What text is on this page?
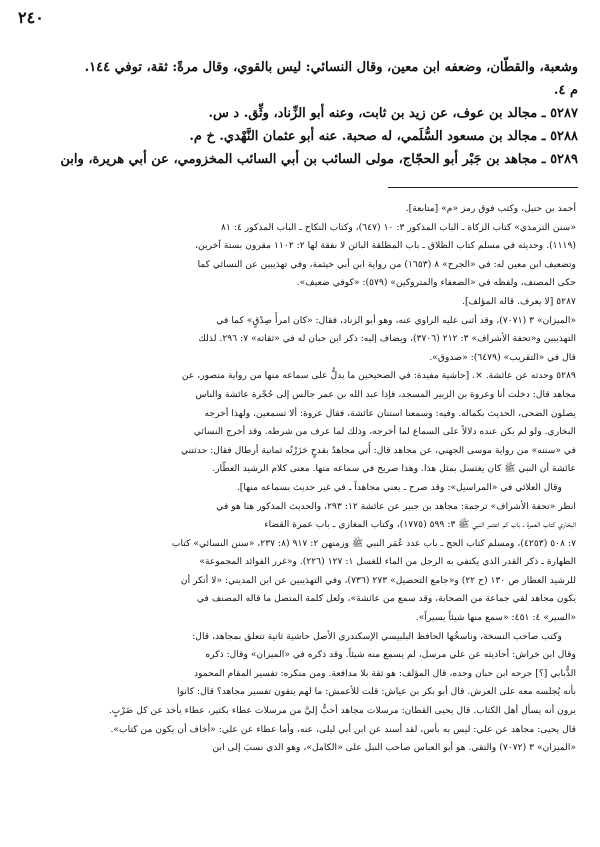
٢٤٠

وشعبة، والقطّان، وضعفه ابن معين، وقال النسائي: ليس بالقوي، وقال مرةً: ثقة، توفي ١٤٤.

م ٤.

٥٢٨٧ ـ مجالد بن عوف، عن زيد بن ثابت، وعنه أبو الزِّناد، وثِّق. د س.

٥٢٨٨ ـ مجالد بن مسعود السُّلَمي، له صحبة. عنه أبو عثمان النَّهْدي. خ م.

٥٢٨٩ ـ مجاهد بن جَبْر أبو الحجّاج، مولى السائب بن أبي السائب المخزومي، عن أبي هريرة، وابن

أحمد بن حنبل، وكتب فوق رمز «م» [متابعة].

«سنن الترمذي» كتاب الزكاة ـ الباب المذكور ٣: ١٠ (٦٤٧)، وكتاب النكاح ـ الباب المذكور ٤: ٨١

(١١١٩). وحديثه في مسلم كتاب الطلاق ـ باب المطلقة البائن لا نفقة لها ٢: ١١٠٢ مقرون بستة آخرين،

وتضعيف ابن معين له: في «الجرح» ٨ (١٦٥٣) من رواية ابن أبي خيثمة، وفي تهذيبين عن النسائي كما

حكى المصنف، ولفظه في «الضعفاء والمتروكين» (٥٧٩): «كوفي ضعيف».

٥٢٨٧ [لا يعرف. قاله المؤلف].

«الميزان» ٣ (٧٠٧١)، وقد أثنى عليه الراوي عنه، وهو أبو الزناد، فقال: «كان امرأً صِدْقٍ» كما في

التهذيبين و«تحفة الأشراف» ٣: ٢١٢ (٣٧٠٦)، ويضاف إليه: ذكر ابن حبان له في «ثقاته» ٧: ٢٩٦. لذلك

قال في «التقريب» (٦٤٧٩): «صدوق».

٥٢٨٩ وحدثه عن عائشة. ×. [حاشية مفيدة: في الصحيحين ما يدلُّ على سماعه منها من رواية منصور، عن

مجاهد قال: دخلت أنا وعروة بن الزبير المسجد، فإذا عبد الله بن عمر جالس إلى حُجْرة عائشة والناس

يصلون الضحى، الحديث بكماله. وفيه: وسمعنا استنان عائشة، فقال عروة: ألا تسمعين، ولهذا أخرجه

البخاري. ولو لم يكن عنده دلالاً على السماع لما أخرجه، وذلك لما عرف من شرطه. وقد أخرج النسائي

في «سننه» من رواية موسى الجهني، عن مجاهد قال: أُتي مجاهدٌ بقدحٍ حَزَرْتُه ثمانية أرطال فقال: حدثتني

عائشة أن النبي ﷺ كان يغتسل بمثل هذا. وهذا صريح في سماعه منها. معنى كلام الرشيد العطّار.

وقال العلائي في «المراسيل»: وقد صرح ـ يعني مجاهداً ـ في غير حديث بسماعه منها].

انظر «تحفة الأشراف» ترجمة: مجاهد بن جبير عن عائشة ١٢: ٢٩٣، والحديث المذكور هنا هو في

البخاري كتاب العمرة ـ باب كم اعتمر النبي ﷺ ٣: ٥٩٩ (١٧٧٥)، وكتاب المغازي ـ باب عمرة القضاء

٧: ٥٠٨ (٤٢٥٣)، ومسلم كتاب الحج ـ باب عدد عُمَر النبي ﷺ وزمنهن ٢: ٩١٧ (٨: ٢٣٧، «سنن النسائي» كتاب

الطهارة ـ ذكر القدر الذي يكتفي به الرجل من الماء للغسل ١: ١٢٧ (٢٢٦). و«غرر الفوائد المجموعة»

للرشيد العطار ص ١٣٠ (ح ٢٢) و«جامع التحصيل» ٢٧٣ (٧٣٦)، وفي التهذيبين عن ابن المديني: «لا أنكر أن

يكون مجاهد لقي جماعة من الصحابة، وقد سمع من عائشة»، ولعل كلمة المتصل ما قاله المصنف في

«السير» ٤: ٤٥١: «سمع منها شيئاً يسيراً».

وكتب صاحب النسخة، وناسخُها الحافظ البلبيسي الإسكندري الأصل حاشية ثانية تتعلق بمجاهد، قال:

وقال ابن خراش: أحاديثه عن علي مرسل، لم يسمع منه شيئاً. وقد ذكره في «الميزان» وقال: ذكره

الذُّبابي [؟] جرحه ابن حبان وحده، قال المؤلف: هو ثقة بلا مدافعة. ومن منكره: تفسير المقام المحمود

بأنه يُجلسه معه على العرش. قال أبو بكر بن عياش: قلت للأعمش: ما لهم يتقون تفسير مجاهد؟ قال: كانوا

يرون أنه يسأل أهل الكتاب. قال يحيى القطان: مرسلات مجاهد أحبُّ إليَّ من مرسلات عطاء بكثير، عطاء يأخذ عن كل ضَرْبٍ.

قال يحيى: مجاهد عن علي: ليس به بأس، لقد أسند عن ابن أبي ليلى، عنه، وأما عطاء عن علي: «أخاف أن يكون من كتاب».

«الميزان» ٣ (٧٠٧٢) والتقي. هو أبو العباس صاحب النبل على «الكامل»، وهو الذي نسبَ إلى ابن
